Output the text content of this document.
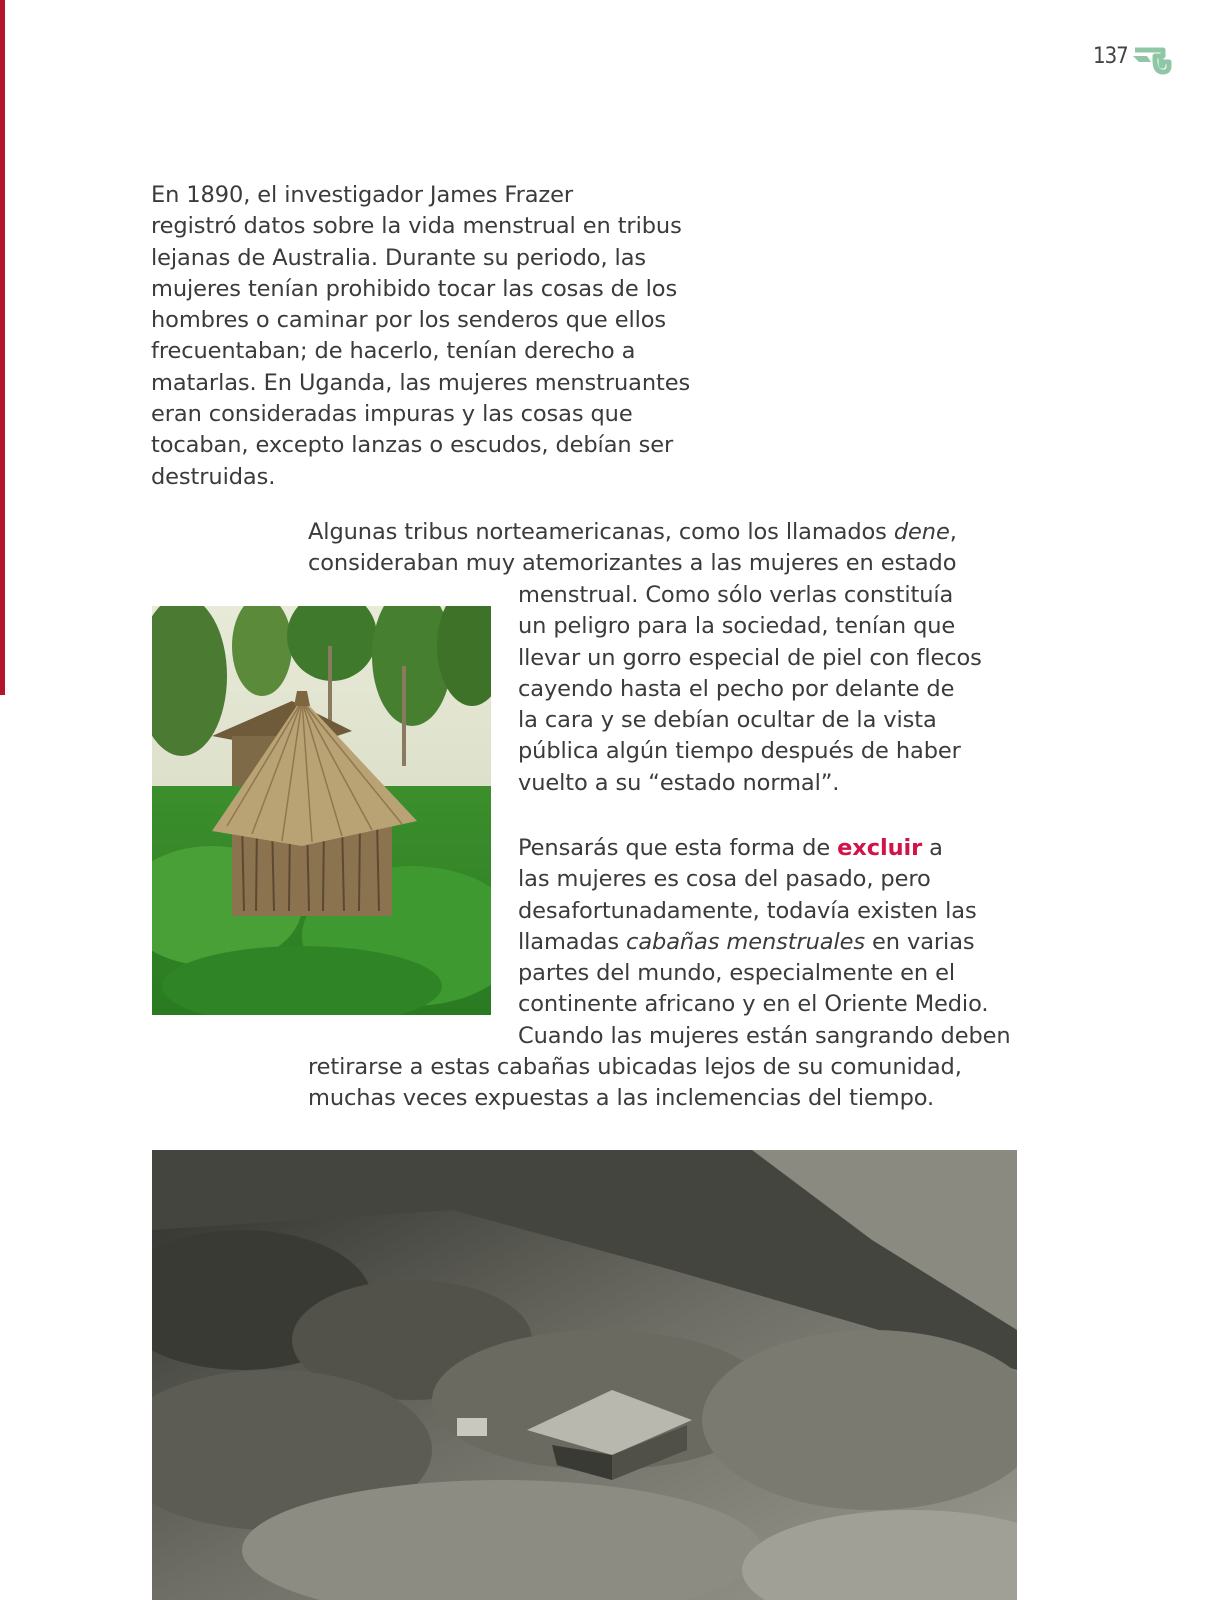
137
En 1890, el investigador James Frazer
registró datos sobre la vida menstrual en tribus
lejanas de Australia. Durante su periodo, las
mujeres tenían prohibido tocar las cosas de los
hombres o caminar por los senderos que ellos
frecuentaban; de hacerlo, tenían derecho a
matarlas. En Uganda, las mujeres menstruantes
eran consideradas impuras y las cosas que
tocaban, excepto lanzas o escudos, debían ser
destruidas.
Algunas tribus norteamericanas, como los llamados dene,
consideraban muy atemorizantes a las mujeres en estado
menstrual. Como sólo verlas constituía
un peligro para la sociedad, tenían que
llevar un gorro especial de piel con flecos
cayendo hasta el pecho por delante de
la cara y se debían ocultar de la vista
pública algún tiempo después de haber
vuelto a su “estado normal”.
Pensarás que esta forma de excluir a
las mujeres es cosa del pasado, pero
desafortunadamente, todavía existen las
llamadas cabañas menstruales en varias
partes del mundo, especialmente en el
continente africano y en el Oriente Medio.
Cuando las mujeres están sangrando deben
retirarse a estas cabañas ubicadas lejos de su comunidad,
muchas veces expuestas a las inclemencias del tiempo.
